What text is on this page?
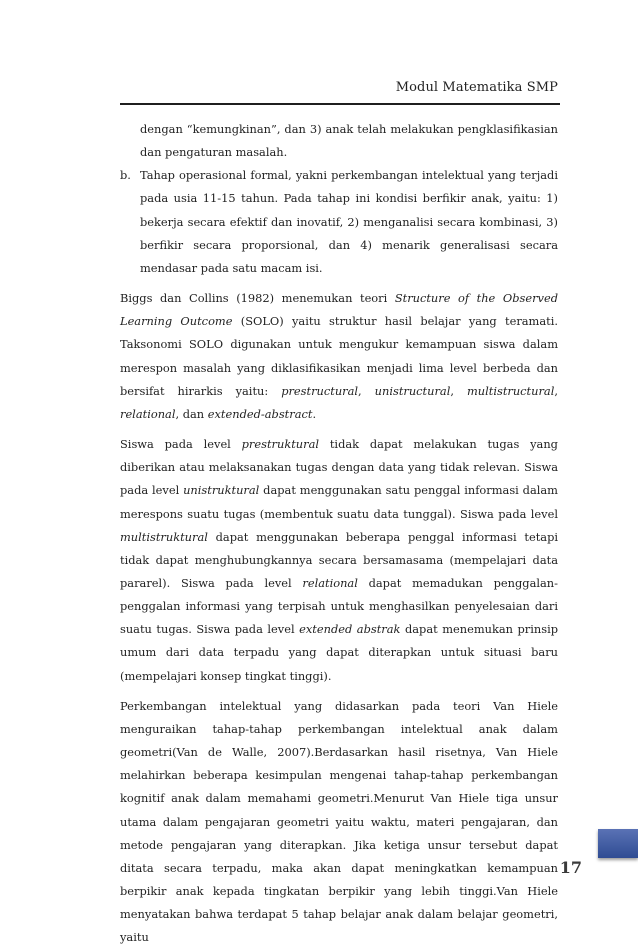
Modul Matematika SMP

dengan “kemungkinan”, dan 3) anak telah melakukan pengklasifikasian dan pengaturan masalah.

b. Tahap operasional formal, yakni perkembangan intelektual yang terjadi pada usia 11-15 tahun. Pada tahap ini kondisi berfikir anak, yaitu: 1) bekerja secara efektif dan inovatif, 2) menganalisi secara kombinasi, 3) berfikir secara proporsional, dan 4) menarik generalisasi secara mendasar pada satu macam isi.

Biggs dan Collins (1982) menemukan teori Structure of the Observed Learning Outcome (SOLO) yaitu struktur hasil belajar yang teramati. Taksonomi SOLO digunakan untuk mengukur kemampuan siswa dalam merespon masalah yang diklasifikasikan menjadi lima level berbeda dan bersifat hirarkis yaitu: prestructural, unistructural, multistructural, relational, dan extended-abstract.

Siswa pada level prestruktural tidak dapat melakukan tugas yang diberikan atau melaksanakan tugas dengan data yang tidak relevan. Siswa pada level unistruktural dapat menggunakan satu penggal informasi dalam merespons suatu tugas (membentuk suatu data tunggal). Siswa pada level multistruktural dapat menggunakan beberapa penggal informasi tetapi tidak dapat menghubungkannya secara bersamasama (mempelajari data pararel). Siswa pada level relational dapat memadukan penggalan-penggalan informasi yang terpisah untuk menghasilkan penyelesaian dari suatu tugas. Siswa pada level extended abstrak dapat menemukan prinsip umum dari data terpadu yang dapat diterapkan untuk situasi baru (mempelajari konsep tingkat tinggi).

Perkembangan intelektual yang didasarkan pada teori Van Hiele menguraikan tahap-tahap perkembangan intelektual anak dalam geometri(Van de Walle, 2007).Berdasarkan hasil risetnya, Van Hiele melahirkan beberapa kesimpulan mengenai tahap-tahap perkembangan kognitif anak dalam memahami geometri.Menurut Van Hiele tiga unsur utama dalam pengajaran geometri yaitu waktu, materi pengajaran, dan metode pengajaran yang diterapkan. Jika ketiga unsur tersebut dapat ditata secara terpadu, maka akan dapat meningkatkan kemampuan berpikir anak kepada tingkatan berpikir yang lebih tinggi.Van Hiele menyatakan bahwa terdapat 5 tahap belajar anak dalam belajar geometri, yaitu

17
